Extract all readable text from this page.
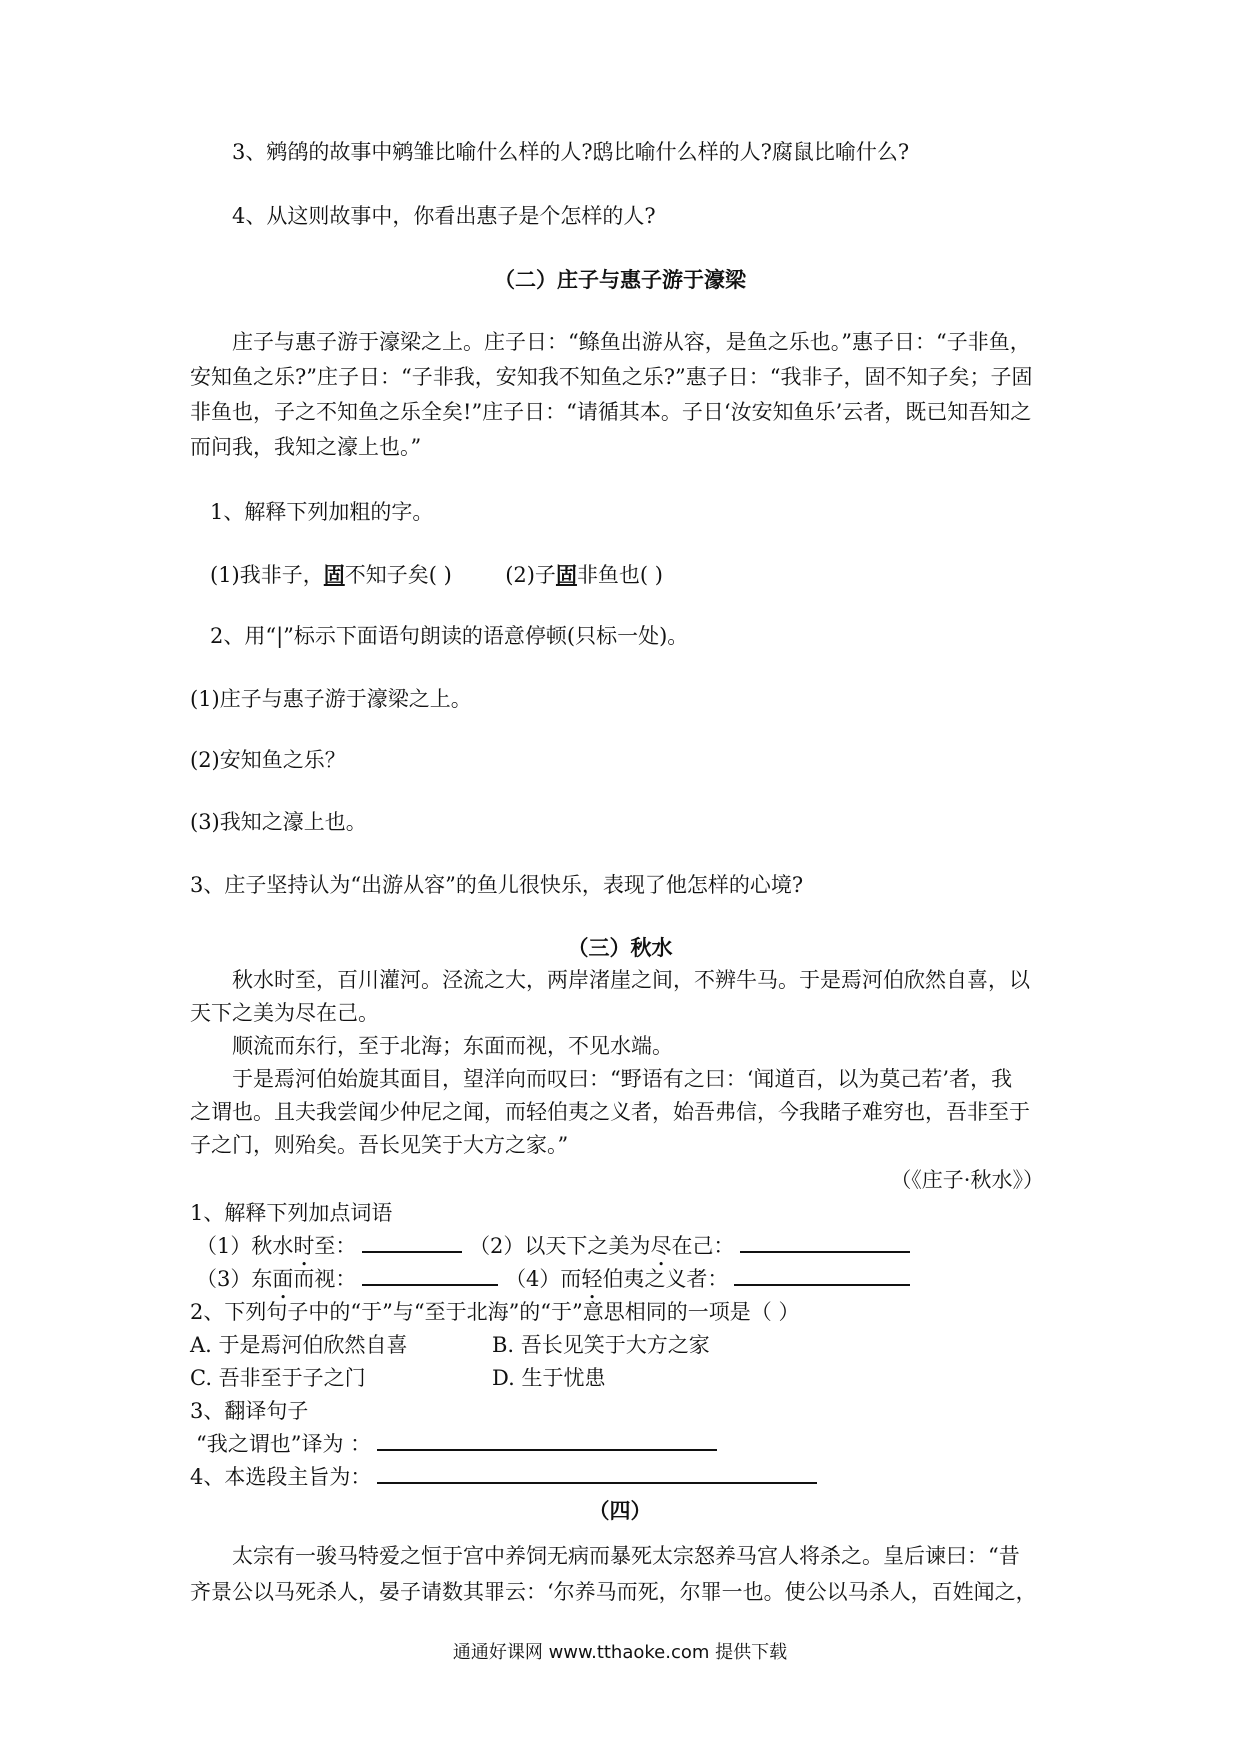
3、鹓鹐的故事中鹓雏比喻什么样的人?鸱比喻什么样的人?腐鼠比喻什么?
4、从这则故事中，你看出惠子是个怎样的人?
（二）庄子与惠子游于濠梁
庄子与惠子游于濠梁之上。庄子日：“鲦鱼出游从容，是鱼之乐也。”惠子日：“子非鱼，
安知鱼之乐?”庄子日：“子非我，安知我不知鱼之乐?”惠子日：“我非子，固不知子矣；子固
非鱼也，子之不知鱼之乐全矣!”庄子日：“请循其本。子日‘汝安知鱼乐’云者，既已知吾知之
而问我，我知之濠上也。”
1、解释下列加粗的字。
(1)我非子，固不知子矣( )	(2)子固非鱼也( )
2、用“|”标示下面语句朗读的语意停顿(只标一处)。
(1)庄子与惠子游于濠梁之上。
(2)安知鱼之乐？
(3)我知之濠上也。
3、庄子坚持认为“出游从容”的鱼儿很快乐，表现了他怎样的心境?
（三）秋水
秋水时至，百川灌河。泾流之大，两岸渚崖之间，不辨牛马。于是焉河伯欣然自喜，以
天下之美为尽在己。
顺流而东行，至于北海；东面而视，不见水端。
于是焉河伯始旋其面目，望洋向而叹曰：“野语有之曰：‘闻道百，以为莫己若’者，我
之谓也。且夫我尝闻少仲尼之闻，而轻伯夷之义者，始吾弗信，今我睹子难穷也，吾非至于
子之门，则殆矣。吾长见笑于大方之家。”
（《庄子·秋水》）
1、解释下列加点词语
（1）秋水时至：	（2）以天下之美为尽在己：
（3）东面而视：	（4）而轻伯夷之义者：
2、下列句子中的“于”与“至于北海”的“于”意思相同的一项是（ ）
A. 于是焉河伯欣然自喜	B. 吾长见笑于大方之家
C. 吾非至于子之门	D. 生于忧患
3、翻译句子
“我之谓也”译为 ：
4、本选段主旨为：
（四）
太宗有一骏马特爱之恒于宫中养饲无病而暴死太宗怒养马宫人将杀之。皇后谏曰：“昔
齐景公以马死杀人，晏子请数其罪云：‘尔养马而死，尔罪一也。使公以马杀人，百姓闻之，
通通好课网 www.tthaoke.com 提供下载
